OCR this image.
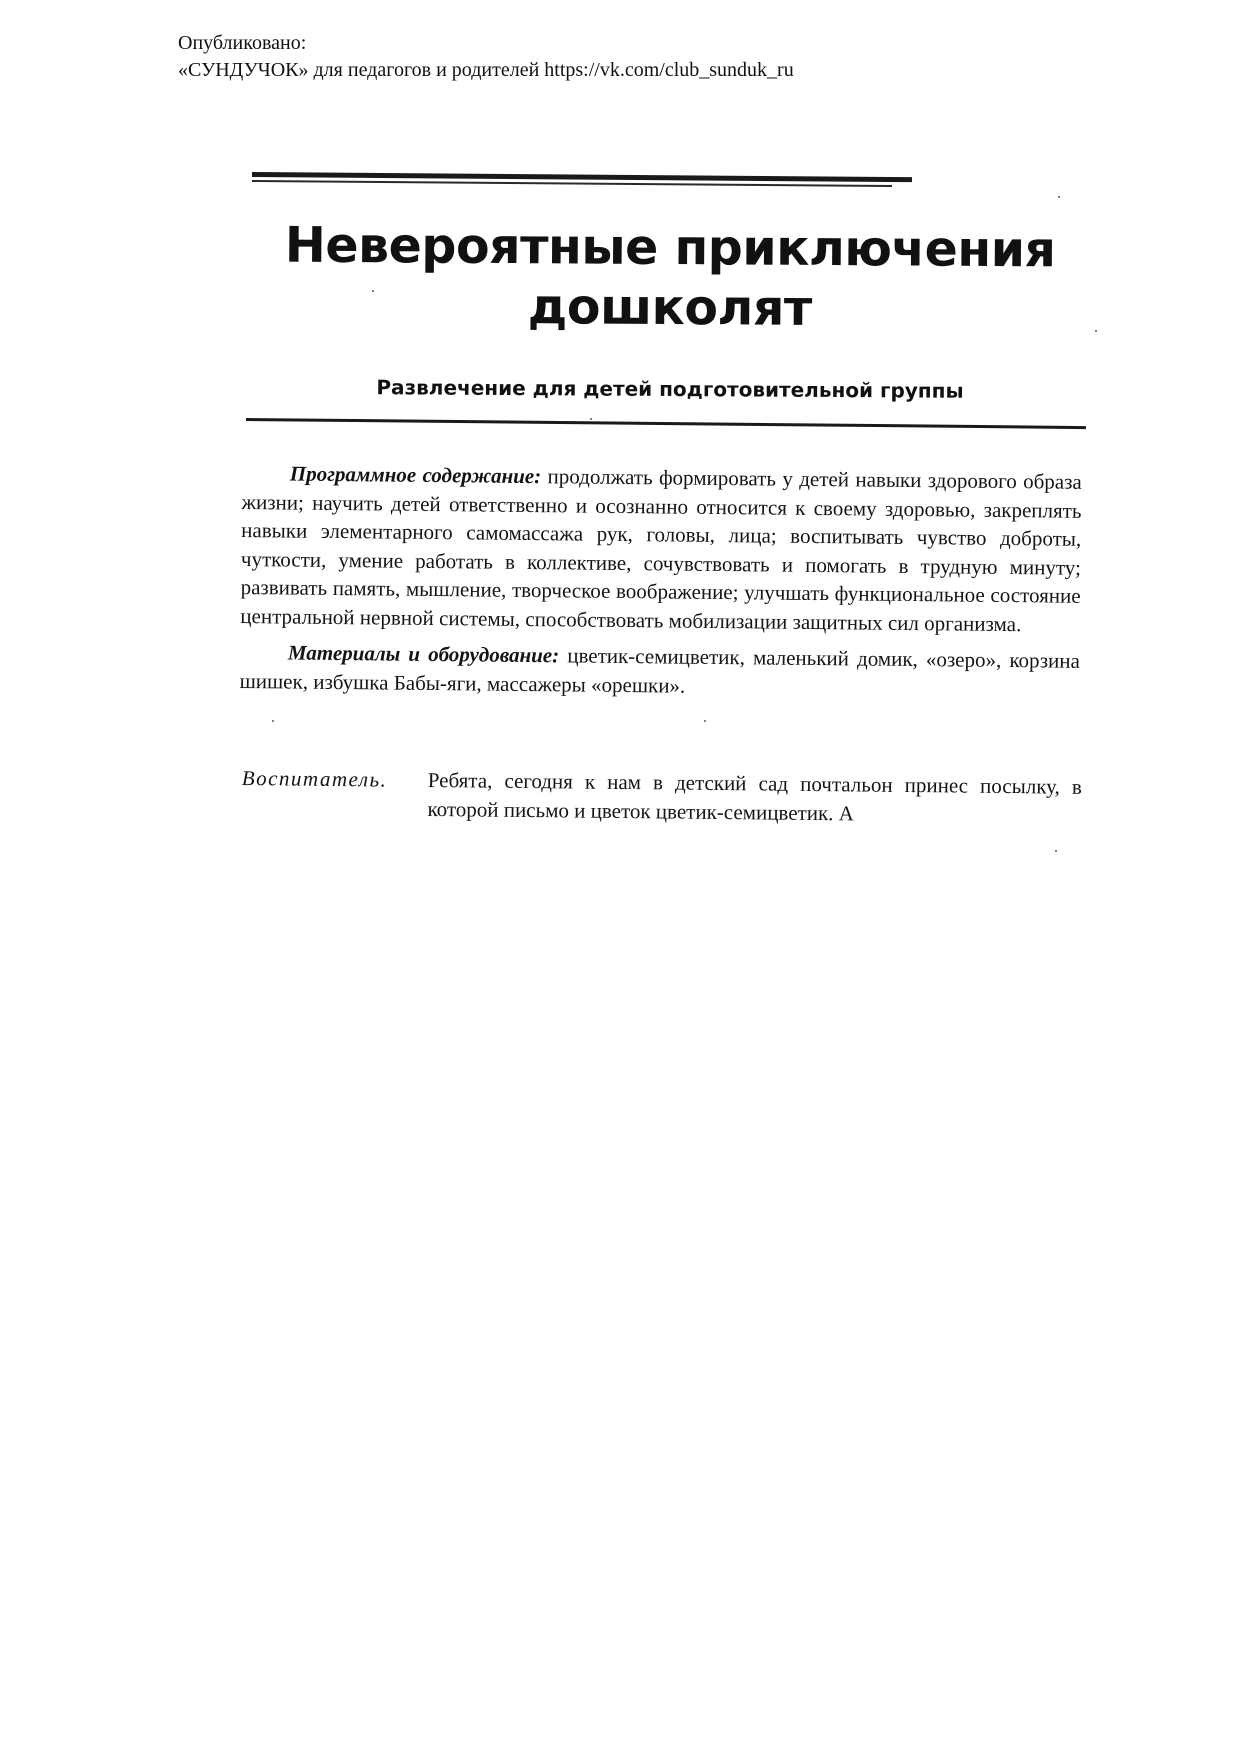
Опубликовано:
«СУНДУЧОК» для педагогов и родителей https://vk.com/club_sunduk_ru
Невероятные приключения
дошколят
Развлечение для детей подготовительной группы

Программное содержание: продолжать формировать у детей навыки здорового образа жизни; научить детей ответственно и осознанно относится к своему здоровью, закреплять навыки элементарного самомассажа рук, головы, лица; воспитывать чувство доброты, чуткости, умение работать в коллективе, сочувствовать и помогать в трудную минуту; развивать память, мышление, творческое воображение; улучшать функциональное состояние центральной нервной системы, способствовать мобилизации защитных сил организма.

Материалы и оборудование: цветик-семицветик, маленький домик, «озеро», корзина шишек, избушка Бабы-яги, массажеры «орешки».

Воспитатель.	Ребята, сегодня к нам в детский сад почтальон принес посылку, в которой письмо и цветок цветик-семицветик. А
